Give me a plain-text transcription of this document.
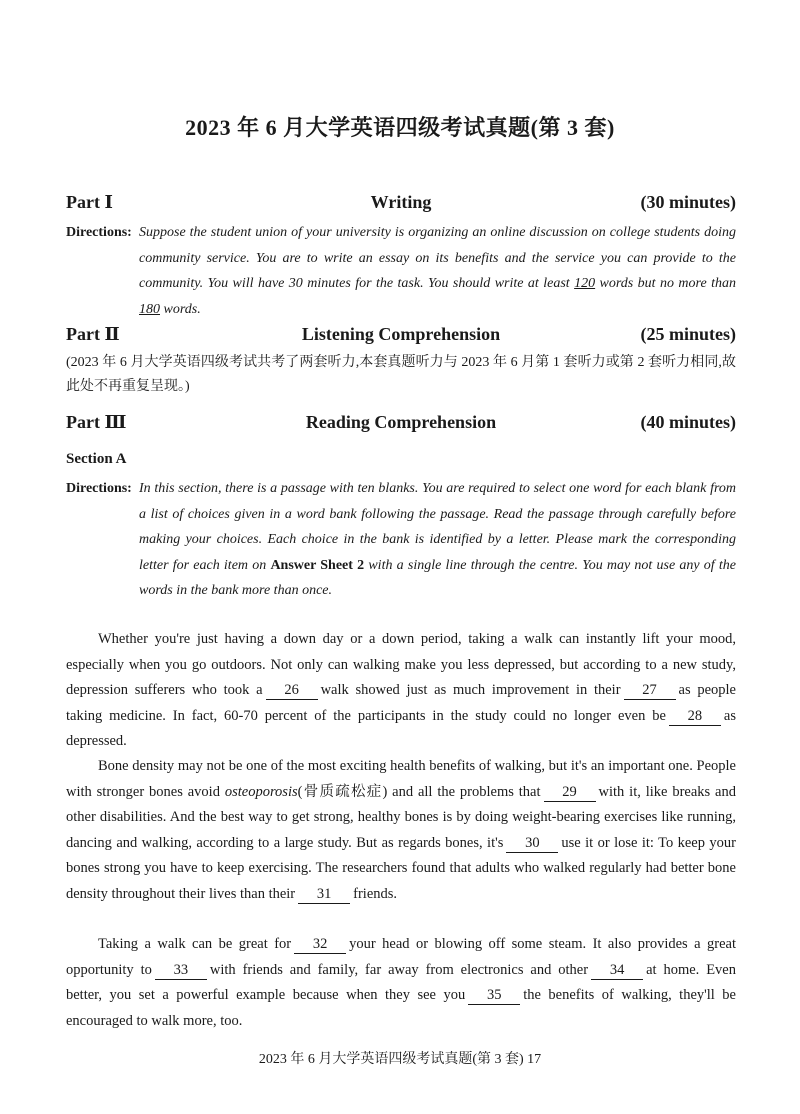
2023 年 6 月大学英语四级考试真题(第 3 套)
Part Ⅰ	Writing	(30 minutes)
Directions: Suppose the student union of your university is organizing an online discussion on college students doing community service. You are to write an essay on its benefits and the service you can provide to the community. You will have 30 minutes for the task. You should write at least 120 words but no more than 180 words.
Part Ⅱ	Listening Comprehension	(25 minutes)
(2023 年 6 月大学英语四级考试共考了两套听力,本套真题听力与 2023 年 6 月第 1 套听力或第 2 套听力相同,故此处不再重复呈现。)
Part Ⅲ	Reading Comprehension	(40 minutes)
Section A
Directions: In this section, there is a passage with ten blanks. You are required to select one word for each blank from a list of choices given in a word bank following the passage. Read the passage through carefully before making your choices. Each choice in the bank is identified by a letter. Please mark the corresponding letter for each item on Answer Sheet 2 with a single line through the centre. You may not use any of the words in the bank more than once.
Whether you're just having a down day or a down period, taking a walk can instantly lift your mood, especially when you go outdoors. Not only can walking make you less depressed, but according to a new study, depression sufferers who took a 26 walk showed just as much improvement in their 27 as people taking medicine. In fact, 60-70 percent of the participants in the study could no longer even be 28 as depressed.
Bone density may not be one of the most exciting health benefits of walking, but it's an important one. People with stronger bones avoid osteoporosis(骨质疏松症) and all the problems that 29 with it, like breaks and other disabilities. And the best way to get strong, healthy bones is by doing weight-bearing exercises like running, dancing and walking, according to a large study. But as regards bones, it's 30 use it or lose it: To keep your bones strong you have to keep exercising. The researchers found that adults who walked regularly had better bone density throughout their lives than their 31 friends.
Taking a walk can be great for 32 your head or blowing off some steam. It also provides a great opportunity to 33 with friends and family, far away from electronics and other 34 at home. Even better, you set a powerful example because when they see you 35 the benefits of walking, they'll be encouraged to walk more, too.
2023 年 6 月大学英语四级考试真题(第 3 套) 17
